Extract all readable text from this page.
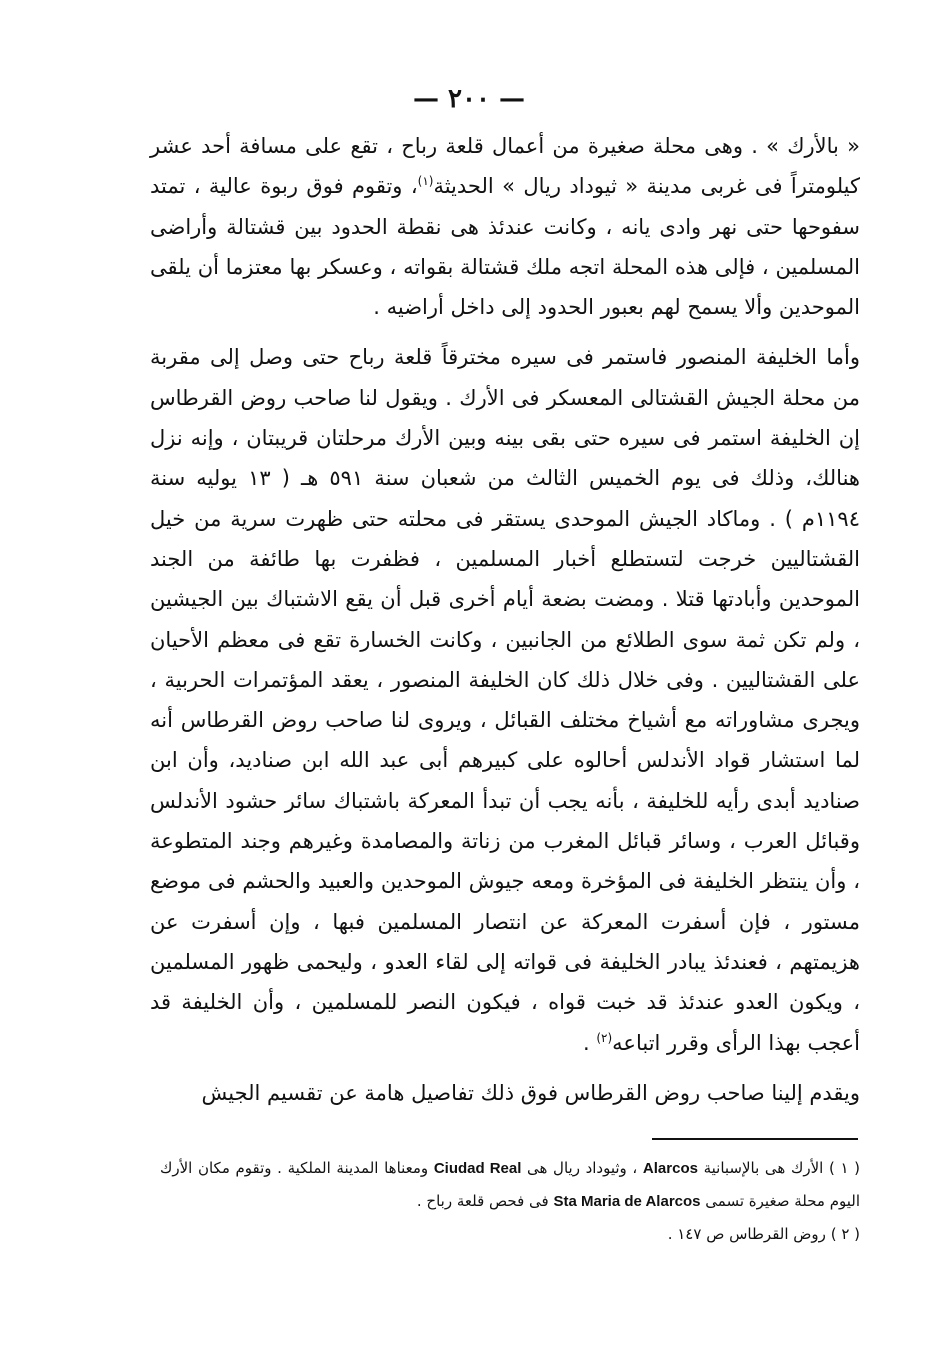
— ٢٠٠ —

« بالأرك » . وهى محلة صغيرة من أعمال قلعة رباح ، تقع على مسافة أحد عشر كيلومتراً فى غربى مدينة « ثيوداد ريال » الحديثة$^{(١)}$، وتقوم فوق ربوة عالية ، تمتد سفوحها حتى نهر وادى يانه ، وكانت عندئذ هى نقطة الحدود بين قشتالة وأراضى المسلمين ، فإلى هذه المحلة اتجه ملك قشتالة بقواته ، وعسكر بها معتزما أن يلقى الموحدين وألا يسمح لهم بعبور الحدود إلى داخل أراضيه .

وأما الخليفة المنصور فاستمر فى سيره مخترقاً قلعة رباح حتى وصل إلى مقربة من محلة الجيش القشتالى المعسكر فى الأرك . ويقول لنا صاحب روض القرطاس إن الخليفة استمر فى سيره حتى بقى بينه وبين الأرك مرحلتان قريبتان ، وإنه نزل هنالك، وذلك فى يوم الخميس الثالث من شعبان سنة ٥٩١ هـ ( ١٣ يوليه سنة ١١٩٤م ) . وماكاد الجيش الموحدى يستقر فى محلته حتى ظهرت سرية من خيل القشتاليين خرجت لتستطلع أخبار المسلمين ، فظفرت بها طائفة من الجند الموحدين وأبادتها قتلا . ومضت بضعة أيام أخرى قبل أن يقع الاشتباك بين الجيشين ، ولم تكن ثمة سوى الطلائع من الجانبين ، وكانت الخسارة تقع فى معظم الأحيان على القشتاليين . وفى خلال ذلك كان الخليفة المنصور ، يعقد المؤتمرات الحربية ، ويجرى مشاوراته مع أشياخ مختلف القبائل ، ويروى لنا صاحب روض القرطاس أنه لما استشار قواد الأندلس أحالوه على كبيرهم أبى عبد الله ابن صناديد، وأن ابن صناديد أبدى رأيه للخليفة ، بأنه يجب أن تبدأ المعركة باشتباك سائر حشود الأندلس وقبائل العرب ، وسائر قبائل المغرب من زناتة والمصامدة وغيرهم وجند المتطوعة ، وأن ينتظر الخليفة فى المؤخرة ومعه جيوش الموحدين والعبيد والحشم فى موضع مستور ، فإن أسفرت المعركة عن انتصار المسلمين فبها ، وإن أسفرت عن هزيمتهم ، فعندئذ يبادر الخليفة فى قواته إلى لقاء العدو ، وليحمى ظهور المسلمين ، ويكون العدو عندئذ قد خبت قواه ، فيكون النصر للمسلمين ، وأن الخليفة قد أعجب بهذا الرأى وقرر اتباعه$^{(٢)}$ .

ويقدم إلينا صاحب روض القرطاس فوق ذلك تفاصيل هامة عن تقسيم الجيش

( ١ ) الأرك هى بالإسبانية Alarcos ، وثيوداد ريال هى Ciudad Real ومعناها المدينة الملكية . وتقوم مكان الأرك اليوم محلة صغيرة تسمى Sta Maria de Alarcos فى فحص قلعة رباح .

( ٢ ) روض القرطاس ص ١٤٧ .
